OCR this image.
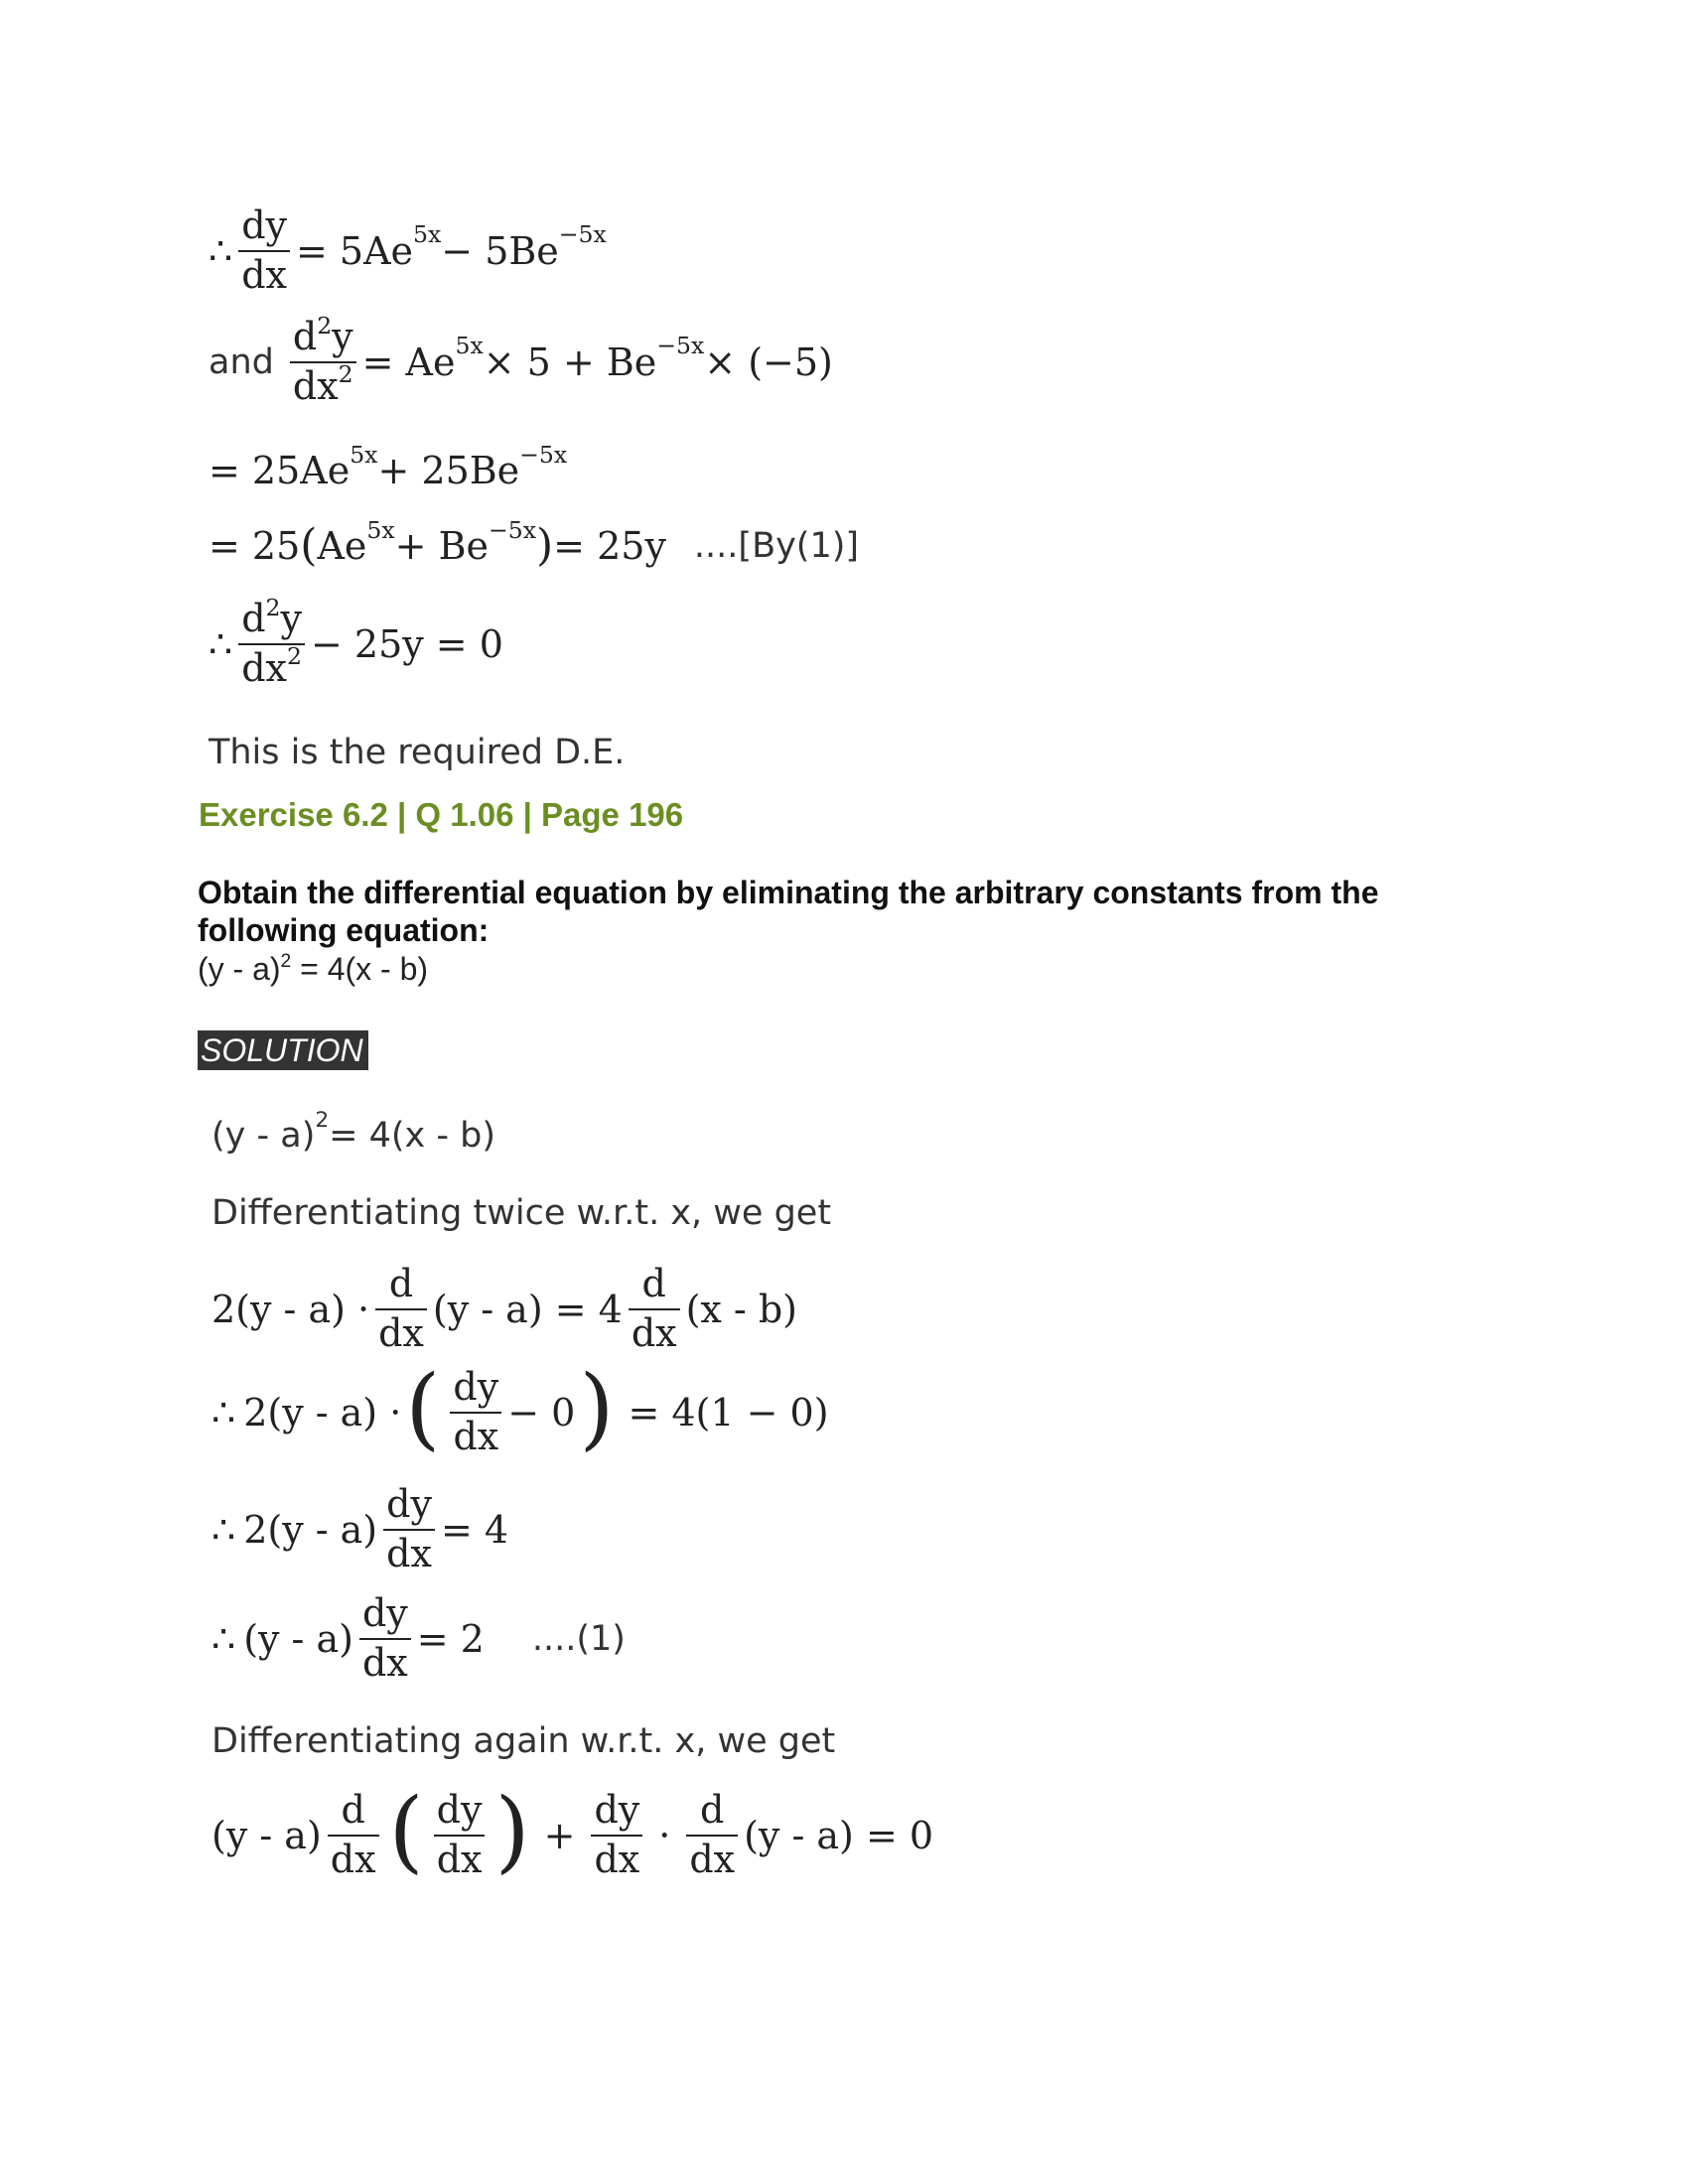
∴ $\frac{dy}{dx} = 5Ae^{5x} - 5Be^{-5x}$
and $\frac{d^2y}{dx^2} = Ae^{5x} \times 5 + Be^{-5x} \times (-5)$
= $25Ae^{5x} + 25Be^{-5x}$
= 25 ( $Ae^{5x} + Be^{-5x}$ ) = 25y ....[By(1)]
∴ $\frac{d^2y}{dx^2} - 25y = 0$
This is the required D.E.
Exercise 6.2 | Q 1.06 | Page 196
Obtain the differential equation by eliminating the arbitrary constants from the following equation:
(y - a)$^2$ = 4(x - b)
SOLUTION
(y - a)$^2$ = 4(x - b)
Differentiating twice w.r.t. x, we get
$2(y - a) \cdot \frac{d}{dx} (y - a) = 4 \frac{d}{dx} (x - b)$
∴ 2(y - a) · ( $\frac{dy}{dx} - 0$ ) = 4(1 − 0)
∴ $2(y - a) \frac{dy}{dx} = 4$
∴ $(y - a) \frac{dy}{dx} = 2$ ....(1)
Differentiating again w.r.t. x, we get
$(y - a) \frac{d}{dx}$ ( $\frac{dy}{dx}$ ) + $\frac{dy}{dx} \cdot \frac{d}{dx} (y - a) = 0$
